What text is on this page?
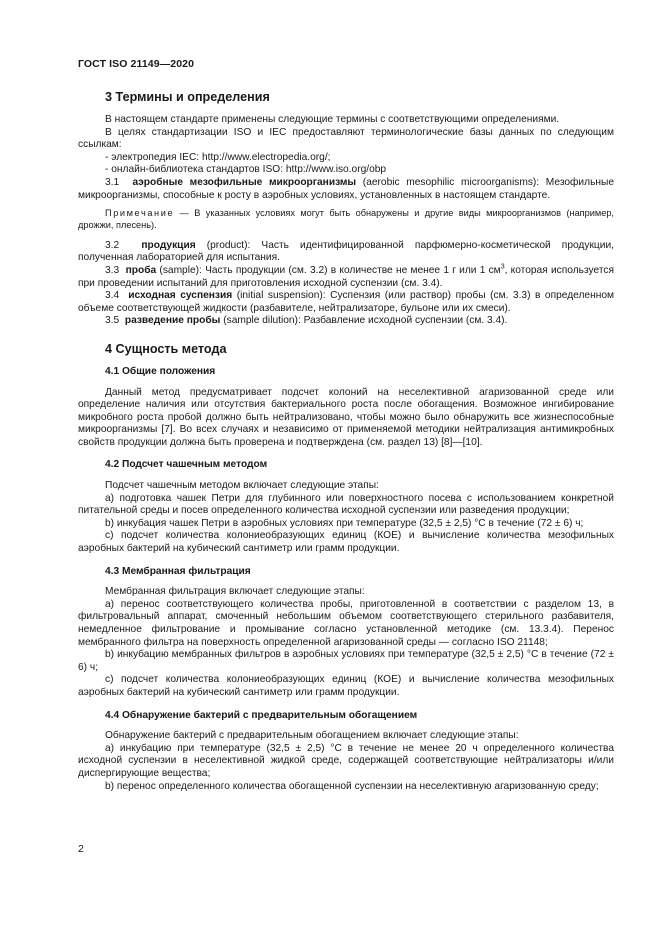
ГОСТ ISO 21149—2020
3 Термины и определения

В настоящем стандарте применены следующие термины с соответствующими определениями.

В целях стандартизации ISO и IEC предоставляют терминологические базы данных по следующим ссылкам:

- электропедия IEC: http://www.electropedia.org/;

- онлайн-библиотека стандартов ISO: http://www.iso.org/obp

3.1 аэробные мезофильные микроорганизмы (aerobic mesophilic microorganisms): Мезофильные микроорганизмы, способные к росту в аэробных условиях, установленных в настоящем стандарте.

Примечание — В указанных условиях могут быть обнаружены и другие виды микроорганизмов (например, дрожжи, плесень).

3.2 продукция (product): Часть идентифицированной парфюмерно-косметической продукции, полученная лабораторией для испытания.

3.3 проба (sample): Часть продукции (см. 3.2) в количестве не менее 1 г или 1 $см^3$, которая используется при проведении испытаний для приготовления исходной суспензии (см. 3.4).

3.4 исходная суспензия (initial suspension): Суспензия (или раствор) пробы (см. 3.3) в определенном объеме соответствующей жидкости (разбавителе, нейтрализаторе, бульоне или их смеси).

3.5 разведение пробы (sample dilution): Разбавление исходной суспензии (см. 3.4).

4 Сущность метода
4.1 Общие положения

Данный метод предусматривает подсчет колоний на неселективной агаризованной среде или определение наличия или отсутствия бактериального роста после обогащения. Возможное ингибирование микробного роста пробой должно быть нейтрализовано, чтобы можно было обнаружить все жизнеспособные микроорганизмы [7]. Во всех случаях и независимо от применяемой методики нейтрализация антимикробных свойств продукции должна быть проверена и подтверждена (см. раздел 13) [8]—[10].

4.2 Подсчет чашечным методом

Подсчет чашечным методом включает следующие этапы:

a) подготовка чашек Петри для глубинного или поверхностного посева с использованием конкретной питательной среды и посев определенного количества исходной суспензии или разведения продукции;

b) инкубация чашек Петри в аэробных условиях при температуре (32,5 ± 2,5) °С в течение (72 ± 6) ч;

c) подсчет количества колониеобразующих единиц (КОЕ) и вычисление количества мезофильных аэробных бактерий на кубический сантиметр или грамм продукции.

4.3 Мембранная фильтрация

Мембранная фильтрация включает следующие этапы:

a) перенос соответствующего количества пробы, приготовленной в соответствии с разделом 13, в фильтровальный аппарат, смоченный небольшим объемом соответствующего стерильного разбавителя, немедленное фильтрование и промывание согласно установленной методике (см. 13.3.4). Перенос мембранного фильтра на поверхность определенной агаризованной среды — согласно ISO 21148;

b) инкубацию мембранных фильтров в аэробных условиях при температуре (32,5 ± 2,5) °С в течение (72 ± 6) ч;

c) подсчет количества колониеобразующих единиц (КОЕ) и вычисление количества мезофильных аэробных бактерий на кубический сантиметр или грамм продукции.

4.4 Обнаружение бактерий с предварительным обогащением

Обнаружение бактерий с предварительным обогащением включает следующие этапы:

a) инкубацию при температуре (32,5 ± 2,5) °С в течение не менее 20 ч определенного количества исходной суспензии в неселективной жидкой среде, содержащей соответствующие нейтрализаторы и/или диспергирующие вещества;

b) перенос определенного количества обогащенной суспензии на неселективную агаризованную среду;

2
